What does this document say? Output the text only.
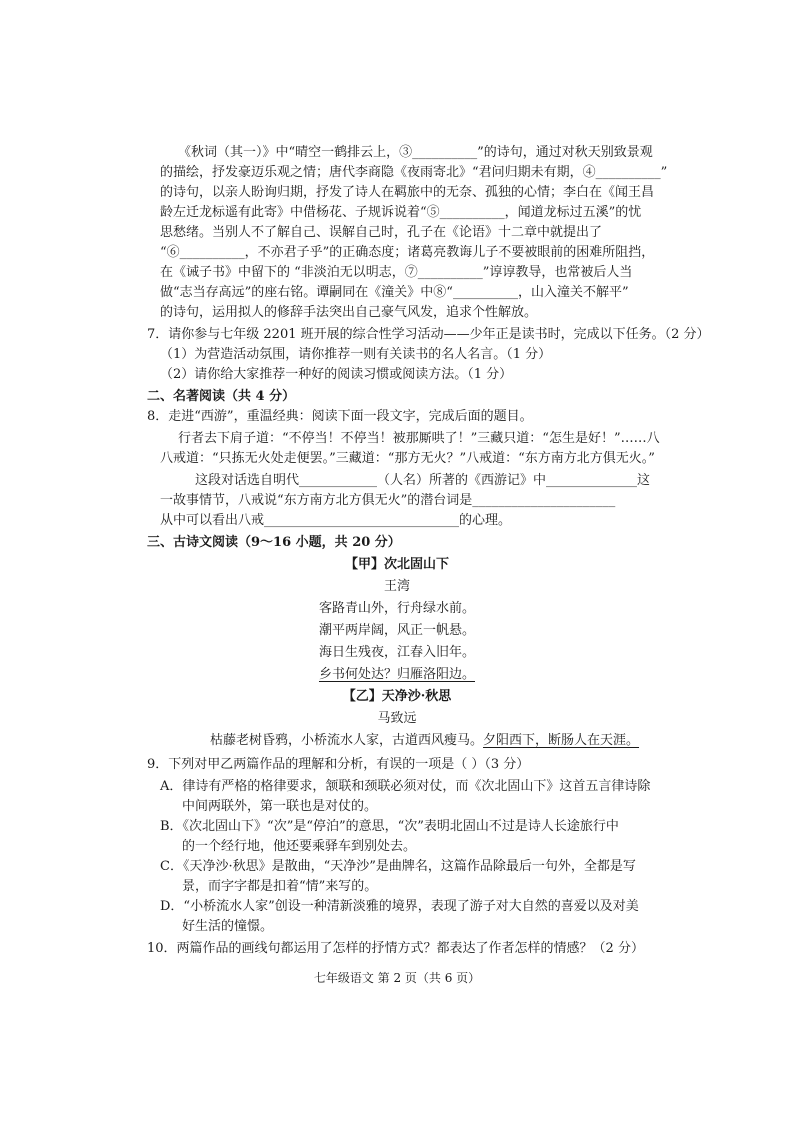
《秋词（其一）》中“晴空一鹤排云上，③__________”的诗句，通过对秋天别致景观
的描绘，抒发豪迈乐观之情；唐代李商隐《夜雨寄北》“君问归期未有期，④__________”
的诗句，以亲人盼询归期，抒发了诗人在羁旅中的无奈、孤独的心情；李白在《闻王昌
龄左迁龙标遥有此寄》中借杨花、子规诉说着“⑤__________，闻道龙标过五溪”的忧
思愁绪。当别人不了解自己、误解自己时，孔子在《论语》十二章中就提出了
“⑥__________，不亦君子乎”的正确态度；诸葛亮教诲儿子不要被眼前的困难所阻挡，
在《诫子书》中留下的 “非淡泊无以明志，⑦__________”谆谆教导，也常被后人当
做“志当存高远”的座右铭。谭嗣同在《潼关》中⑧“__________，山入潼关不解平”
的诗句，运用拟人的修辞手法突出自己豪气风发，追求个性解放。
7．请你参与七年级 2201 班开展的综合性学习活动——少年正是读书时，完成以下任务。（2 分）
（1）为营造活动氛围，请你推荐一则有关读书的名人名言。（1 分）
（2）请你给大家推荐一种好的阅读习惯或阅读方法。（1 分）
二、名著阅读（共 4 分）
8．走进“西游”，重温经典：阅读下面一段文字，完成后面的题目。
行者去下肩子道：“不停当！不停当！被那厮哄了！”三藏只道：“怎生是好！”……八
八戒道：“只拣无火处走便罢。”三藏道：“那方无火？”八戒道：“东方南方北方俱无火。”
这段对话选自明代____________（人名）所著的《西游记》中______________这
一故事情节，八戒说“东方南方北方俱无火”的潜台词是______________________
从中可以看出八戒______________________________的心理。
三、古诗文阅读（9～16 小题，共 20 分）
【甲】次北固山下
王湾
客路青山外，行舟绿水前。
潮平两岸阔，风正一帆悬。
海日生残夜，江春入旧年。
乡书何处达？归雁洛阳边。
【乙】天净沙·秋思
马致远
枯藤老树昏鸦，小桥流水人家，古道西风瘦马。夕阳西下，断肠人在天涯。
9．下列对甲乙两篇作品的理解和分析，有误的一项是（ ）（3 分）
A．律诗有严格的格律要求，颔联和颈联必须对仗，而《次北固山下》这首五言律诗除
中间两联外，第一联也是对仗的。
B．《次北固山下》“次”是“停泊”的意思，“次”表明北固山不过是诗人长途旅行中
的一个经行地，他还要乘驿车到别处去。
C．《天净沙·秋思》是散曲，“天净沙”是曲牌名，这篇作品除最后一句外，全都是写
景，而字字都是扣着“情”来写的。
D．“小桥流水人家”创设一种清新淡雅的境界，表现了游子对大自然的喜爱以及对美
好生活的憧憬。
10．两篇作品的画线句都运用了怎样的抒情方式？都表达了作者怎样的情感？（2 分）
七年级语文 第 2 页（共 6 页）
